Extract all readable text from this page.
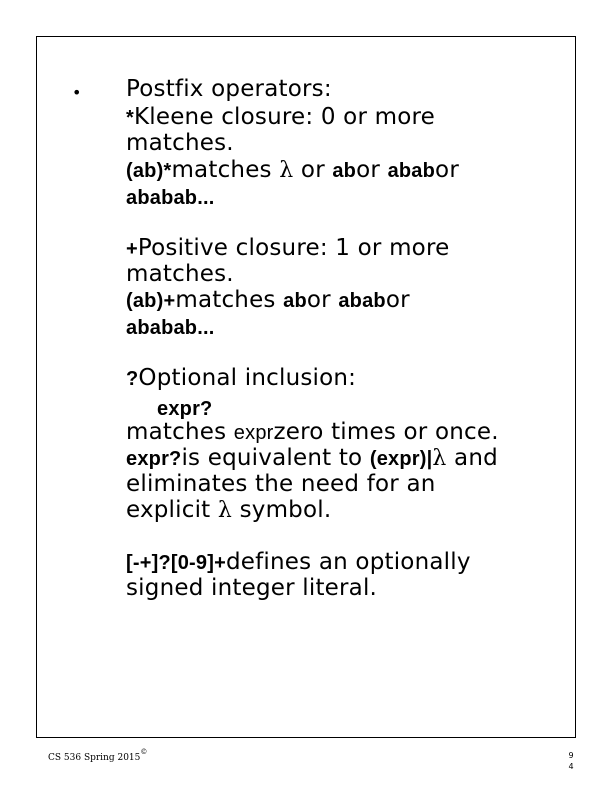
• Postfix operators:
*Kleene closure: 0 or more
matches.
(ab)*matches λ or abor ababor
ababab...
+Positive closure: 1 or more
matches.
(ab)+matches abor ababor
ababab...
?Optional inclusion:
expr?
matches exprzero times or once.
expr?is equivalent to (expr)|λ and
eliminates the need for an
explicit λ symbol.
[-+]?[0-9]+defines an optionally
signed integer literal.
CS 536 Spring 2015©	9
4
